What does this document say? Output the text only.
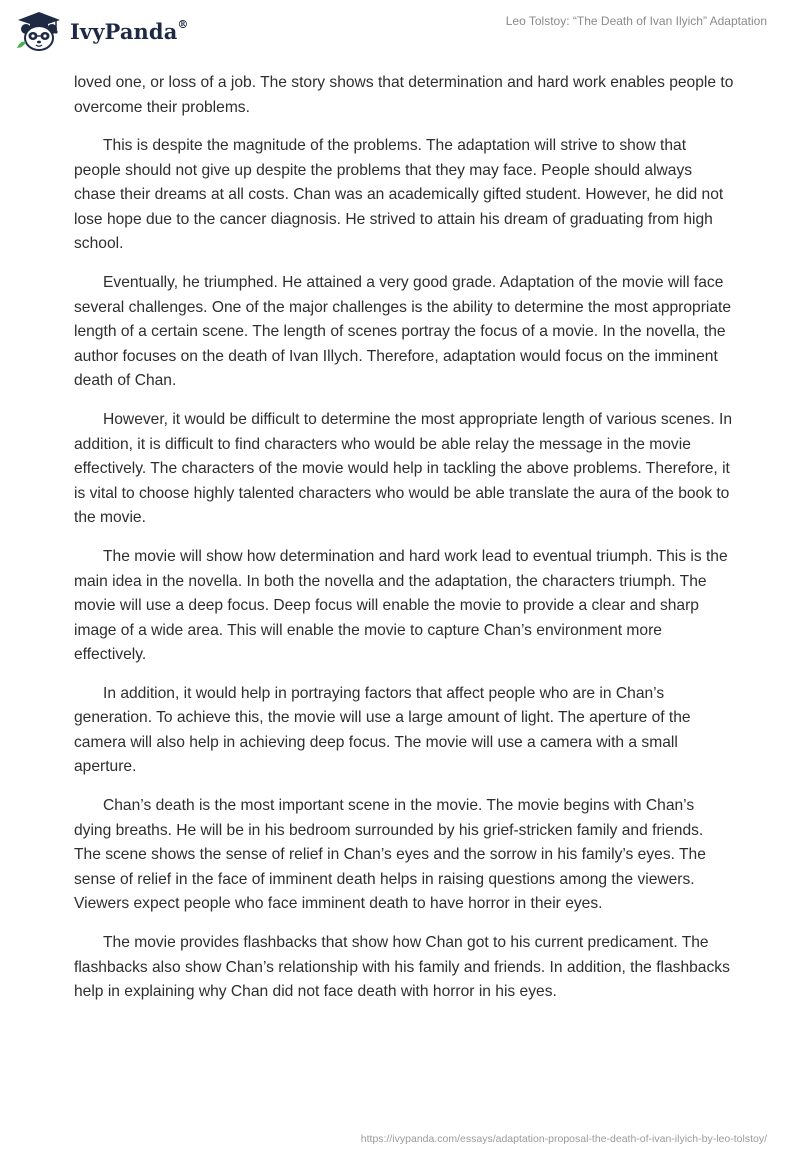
IvyPanda®	Leo Tolstoy: “The Death of Ivan Ilyich” Adaptation

loved one, or loss of a job. The story shows that determination and hard work enables people to overcome their problems.

This is despite the magnitude of the problems. The adaptation will strive to show that people should not give up despite the problems that they may face. People should always chase their dreams at all costs. Chan was an academically gifted student. However, he did not lose hope due to the cancer diagnosis. He strived to attain his dream of graduating from high school.

Eventually, he triumphed. He attained a very good grade. Adaptation of the movie will face several challenges. One of the major challenges is the ability to determine the most appropriate length of a certain scene. The length of scenes portray the focus of a movie. In the novella, the author focuses on the death of Ivan Illych. Therefore, adaptation would focus on the imminent death of Chan.

However, it would be difficult to determine the most appropriate length of various scenes. In addition, it is difficult to find characters who would be able relay the message in the movie effectively. The characters of the movie would help in tackling the above problems. Therefore, it is vital to choose highly talented characters who would be able translate the aura of the book to the movie.

The movie will show how determination and hard work lead to eventual triumph. This is the main idea in the novella. In both the novella and the adaptation, the characters triumph. The movie will use a deep focus. Deep focus will enable the movie to provide a clear and sharp image of a wide area. This will enable the movie to capture Chan’s environment more effectively.

In addition, it would help in portraying factors that affect people who are in Chan’s generation. To achieve this, the movie will use a large amount of light. The aperture of the camera will also help in achieving deep focus. The movie will use a camera with a small aperture.

Chan’s death is the most important scene in the movie. The movie begins with Chan’s dying breaths. He will be in his bedroom surrounded by his grief-stricken family and friends. The scene shows the sense of relief in Chan’s eyes and the sorrow in his family’s eyes. The sense of relief in the face of imminent death helps in raising questions among the viewers. Viewers expect people who face imminent death to have horror in their eyes.

The movie provides flashbacks that show how Chan got to his current predicament. The flashbacks also show Chan’s relationship with his family and friends. In addition, the flashbacks help in explaining why Chan did not face death with horror in his eyes.

https://ivypanda.com/essays/adaptation-proposal-the-death-of-ivan-ilyich-by-leo-tolstoy/
